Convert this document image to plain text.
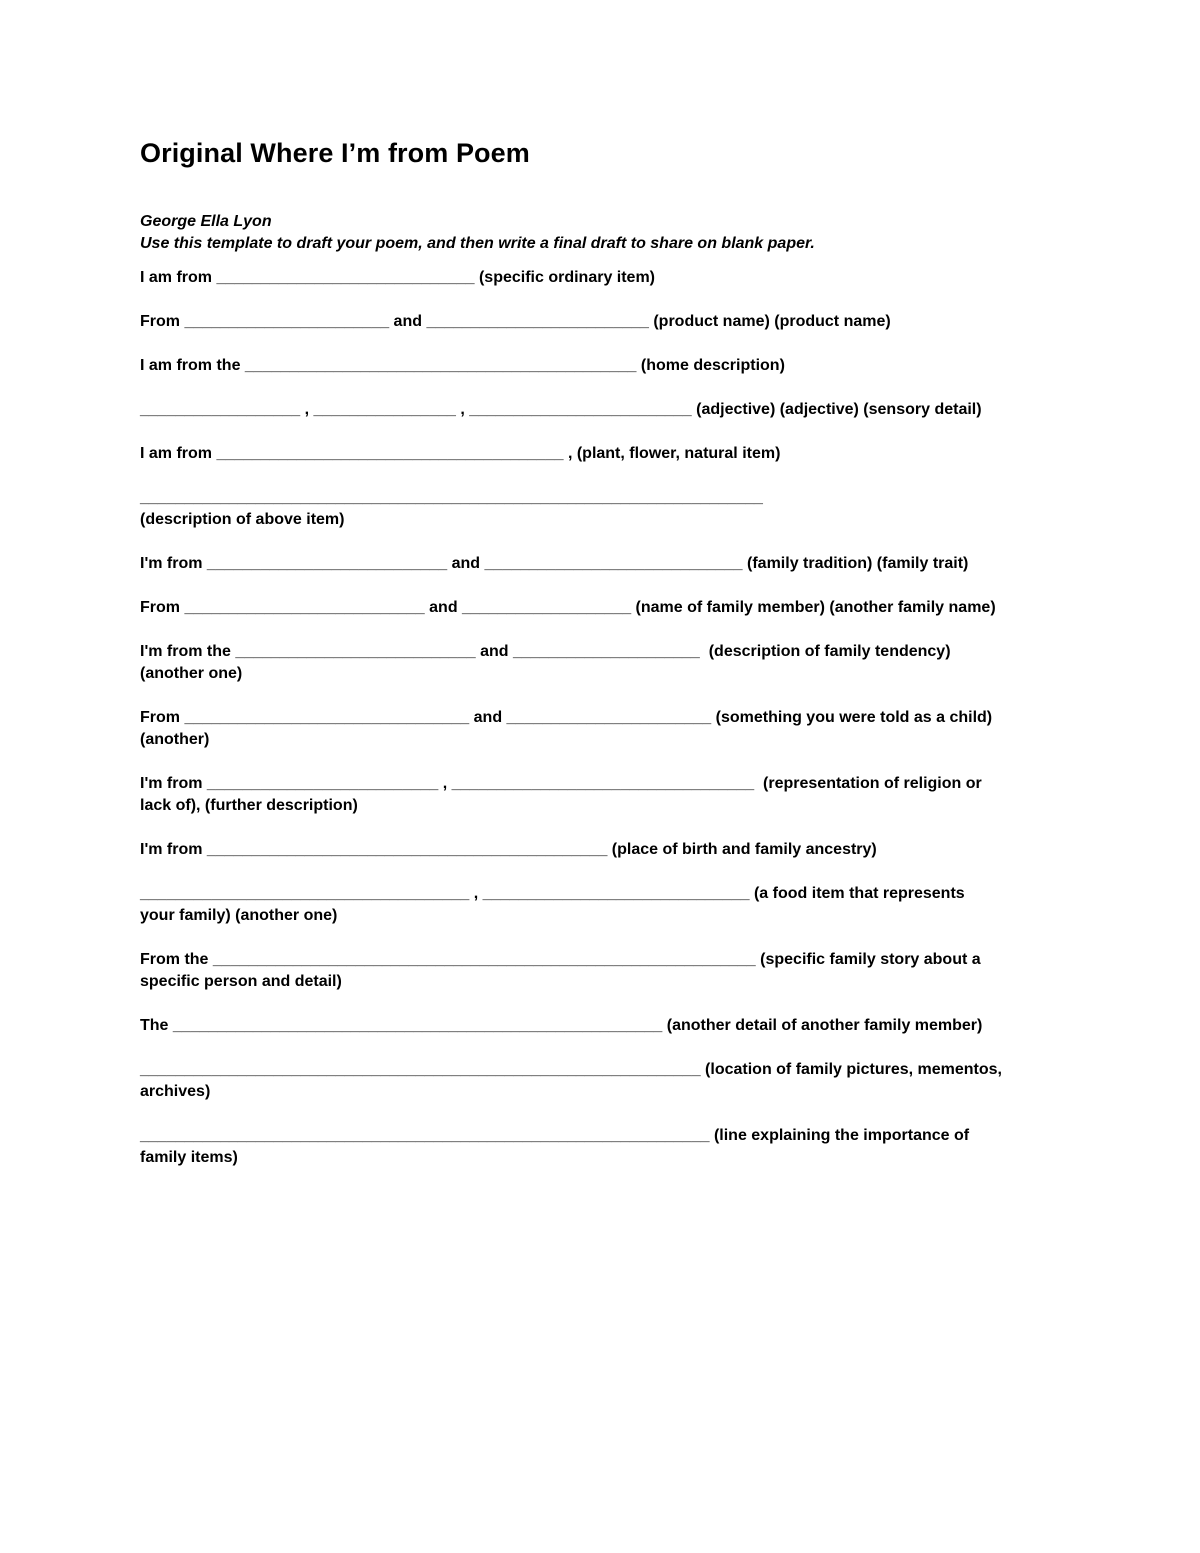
Original Where I’m from Poem
George Ella Lyon
Use this template to draft your poem, and then write a final draft to share on blank paper.
I am from _____________________________ (specific ordinary item)
From _______________________ and _________________________ (product name) (product name)
I am from the ____________________________________________ (home description)
__________________ , ________________ , _________________________ (adjective) (adjective) (sensory detail)
I am from _______________________________________ , (plant, flower, natural item)
______________________________________________________________________
(description of above item)
I'm from ___________________________ and _____________________________ (family tradition) (family trait)
From ___________________________ and ___________________ (name of family member) (another family name)
I'm from the ___________________________ and _____________________  (description of family tendency)
(another one)
From ________________________________ and _______________________ (something you were told as a child)
(another)
I'm from __________________________ , __________________________________  (representation of religion or
lack of), (further description)
I'm from _____________________________________________ (place of birth and family ancestry)
_____________________________________ , ______________________________ (a food item that represents
your family) (another one)
From the _____________________________________________________________ (specific family story about a
specific person and detail)
The _______________________________________________________ (another detail of another family member)
_______________________________________________________________ (location of family pictures, mementos,
archives)
________________________________________________________________ (line explaining the importance of
family items)
